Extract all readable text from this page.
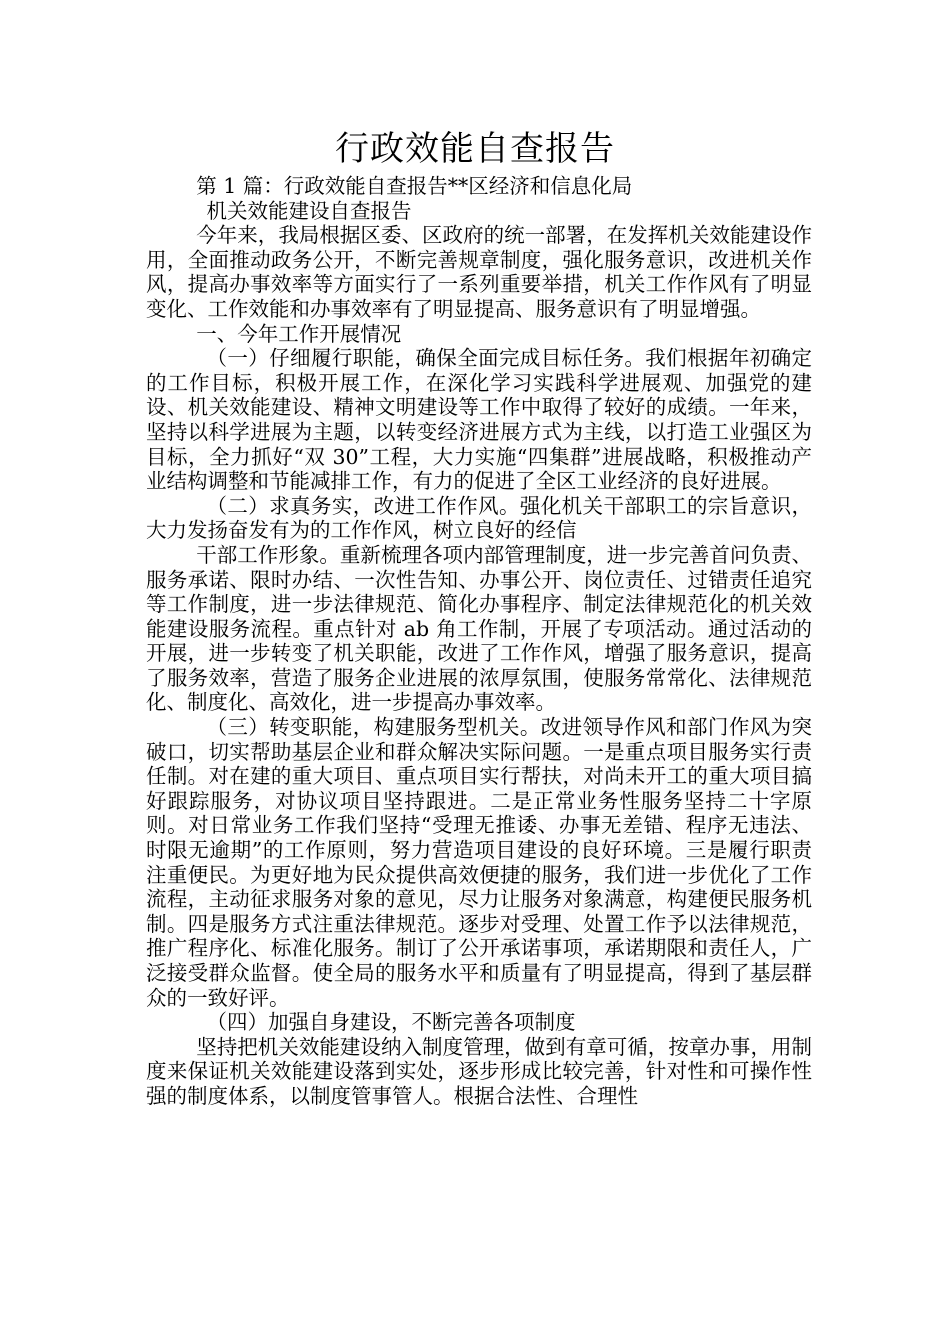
行政效能自查报告

第 1 篇：行政效能自查报告**区经济和信息化局

机关效能建设自查报告

今年来，我局根据区委、区政府的统一部署，在发挥机关效能建设作用，全面推动政务公开，不断完善规章制度，强化服务意识，改进机关作风，提高办事效率等方面实行了一系列重要举措，机关工作作风有了明显变化、工作效能和办事效率有了明显提高、服务意识有了明显增强。

一、今年工作开展情况

（一）仔细履行职能，确保全面完成目标任务。我们根据年初确定的工作目标，积极开展工作，在深化学习实践科学进展观、加强党的建设、机关效能建设、精神文明建设等工作中取得了较好的成绩。一年来，坚持以科学进展为主题，以转变经济进展方式为主线，以打造工业强区为目标，全力抓好“双 30”工程，大力实施“四集群”进展战略，积极推动产业结构调整和节能减排工作，有力的促进了全区工业经济的良好进展。

（二）求真务实，改进工作作风。强化机关干部职工的宗旨意识，大力发扬奋发有为的工作作风，树立良好的经信

干部工作形象。重新梳理各项内部管理制度，进一步完善首问负责、服务承诺、限时办结、一次性告知、办事公开、岗位责任、过错责任追究等工作制度，进一步法律规范、简化办事程序、制定法律规范化的机关效能建设服务流程。重点针对 ab 角工作制，开展了专项活动。通过活动的开展，进一步转变了机关职能，改进了工作作风，增强了服务意识，提高了服务效率，营造了服务企业进展的浓厚氛围，使服务常常化、法律规范化、制度化、高效化，进一步提高办事效率。

（三）转变职能，构建服务型机关。改进领导作风和部门作风为突破口，切实帮助基层企业和群众解决实际问题。一是重点项目服务实行责任制。对在建的重大项目、重点项目实行帮扶，对尚未开工的重大项目搞好跟踪服务，对协议项目坚持跟进。二是正常业务性服务坚持二十字原则。对日常业务工作我们坚持“受理无推诿、办事无差错、程序无违法、时限无逾期”的工作原则，努力营造项目建设的良好环境。三是履行职责注重便民。为更好地为民众提供高效便捷的服务，我们进一步优化了工作流程，主动征求服务对象的意见，尽力让服务对象满意，构建便民服务机制。四是服务方式注重法律规范。逐步对受理、处置工作予以法律规范，推广程序化、标准化服务。制订了公开承诺事项，承诺期限和责任人，广泛接受群众监督。使全局的服务水平和质量有了明显提高，得到了基层群众的一致好评。

（四）加强自身建设，不断完善各项制度

坚持把机关效能建设纳入制度管理，做到有章可循，按章办事，用制度来保证机关效能建设落到实处，逐步形成比较完善，针对性和可操作性强的制度体系，以制度管事管人。根据合法性、合理性
